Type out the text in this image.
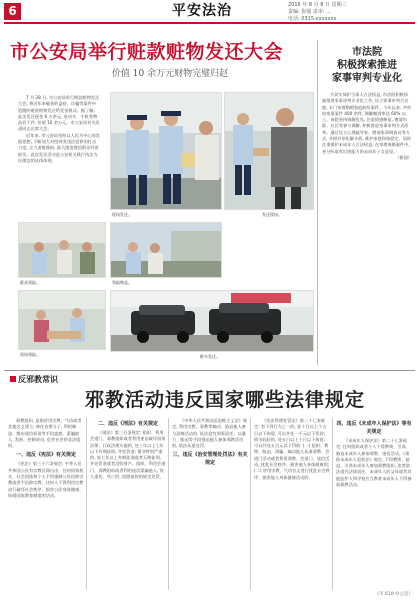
6	平安法治	2016 年 8 月 8 日 星期三
责编: 崔强 责审: ...
电话: 0315-xxxxxxx
市公安局举行赃款赃物发还大会
价值 10 余万元财物完璧归赵

7 月 28 日, 市公安局举行赃款赃物发还大会, 将近年来破获的盗窃、诈骗等案件中追缴的赃款赃物发还给受害群众。据了解, 此次发还现金 6 万余元, 电动车、手机等物品若干件, 价值 10 余万元。市公安局有关负责同志出席大会。

近年来, 市公安局坚持以人民为中心的发展思想, 不断加大对侵财类违法犯罪的打击力度, 全力追赃挽损, 最大限度挽回群众经济损失。此次发还活动是公安机关践行执法为民理念的具体体现。

现场发还。	发还现场。
群众领取。
现场领取。
领取物品。
赃车发还。
市法院
积极探索推进
家事审判专业化

为切实保护当事人合法权益, 市法院积极探索推进家事审判专业化工作, 设立家事审判合议庭, 专门审理婚姻家庭纠纷案件。今年以来, 共审结家事案件 400 余件, 调解撤诉率达 60% 以上。该院坚持调解优先, 注重情感修复, 邀请妇联、社区等参与调解, 积极推进家事审判方式改革。通过设立心理疏导室、聘请家事调查员等方式, 多措并举化解矛盾, 维护家庭和谐稳定。同时注重保护未成年人合法权益, 在审理离婚案件中, 充分听取有识别能力的未成年子女意见。

（崔强）

反邪教常识
邪教活动违反国家哪些法律规定

邪教组织, 是指冒用宗教、气功或者其他名义建立, 神化首要分子, 利用制造、散布迷信邪说等手段蛊惑、蒙骗他人, 发展、控制成员, 危害社会的非法组织。

一、违反《宪法》有关规定

《宪法》第三十六条规定: 中华人民共和国公民有宗教信仰自由。任何国家机关、社会团体和个人不得强制公民信仰宗教或者不信仰宗教。任何人不得利用宗教进行破坏社会秩序、损害公民身体健康、妨碍国家教育制度的活动。

二、违反《刑法》有关规定

《刑法》第三百条规定: 组织、利用会道门、邪教组织或者利用迷信破坏国家法律、行政法规实施的, 处三年以上七年以下有期徒刑, 并处罚金; 情节特别严重的, 处七年以上有期徒刑或者无期徒刑, 并处罚金或者没收财产。组织、利用会道门、邪教组织或者利用迷信蒙骗他人, 致人重伤、死亡的, 依照前款的规定处罚。

《中华人民共和国反恐怖主义法》规定, 利用宗教、邪教等煽动、胁迫他人参与恐怖活动的, 依法追究刑事责任。以暴力、胁迫等手段强迫他人参加邪教活动的, 依法从重处罚。

三、违反《治安管理处罚法》有关规定

《治安管理处罚法》第二十七条规定: 有下列行为之一的, 处十日以上十五日以下拘留, 可以并处一千元以下罚款; 情节较轻的, 处五日以上十日以下拘留, 可以并处五百元以下罚款: (一) 组织、教唆、胁迫、诱骗、煽动他人从事邪教、会道门活动或者利用邪教、会道门、迷信活动, 扰乱社会秩序、损害他人身体健康的; (二) 冒用宗教、气功名义进行扰乱社会秩序、损害他人身体健康活动的。

四、违反《未成年人保护法》等有关规定

《未成年人保护法》第二十七条规定: 任何组织或者个人不得教唆、引诱、胁迫未成年人参加邪教、迷信活动。《预防未成年人犯罪法》规定, 不得教唆、胁迫、引诱未成年人参加邪教组织, 违者依法追究法律责任。未成年人的父母或者其他监护人和学校应当教育未成年人不得参加邪教活动。

（市 610 办公室）
